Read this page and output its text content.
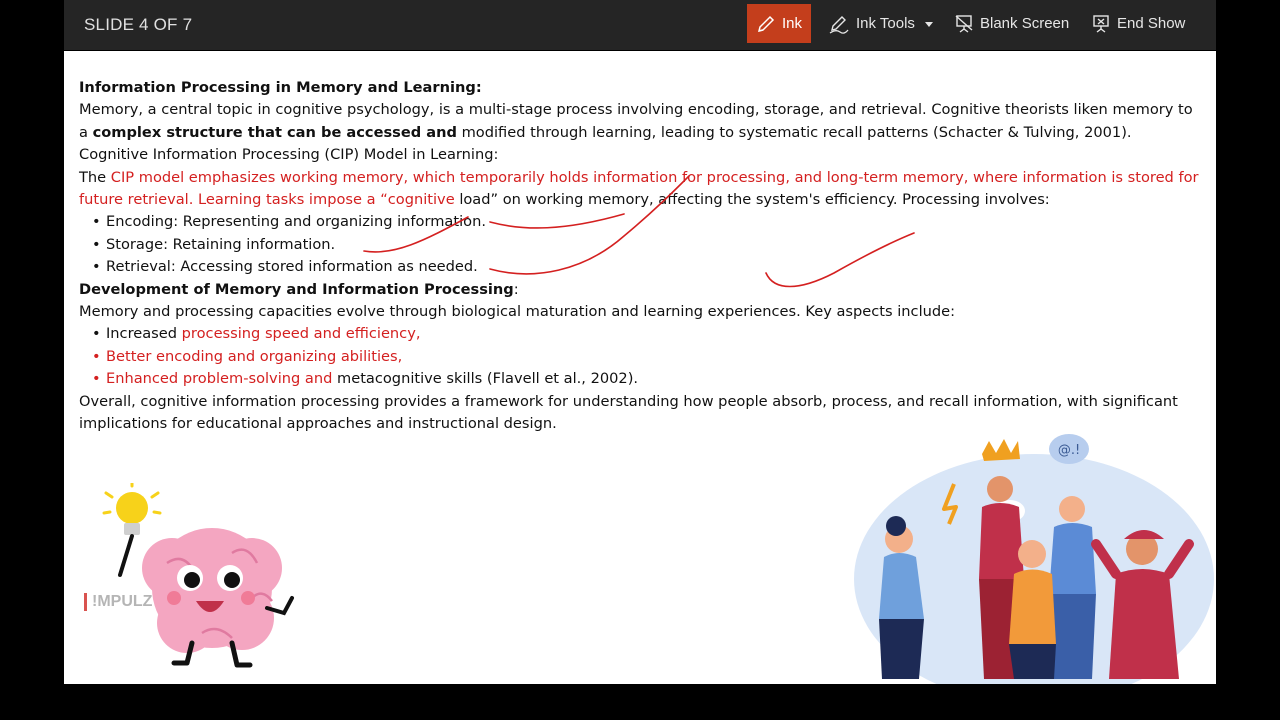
SLIDE 4 OF 7	Ink	Ink Tools	Blank Screen	End Show

Information Processing in Memory and Learning:

Memory, a central topic in cognitive psychology, is a multi-stage process involving encoding, storage, and retrieval. Cognitive theorists liken memory to a complex structure that can be accessed and modified through learning, leading to systematic recall patterns (Schacter & Tulving, 2001).

Cognitive Information Processing (CIP) Model in Learning:

The CIP model emphasizes working memory, which temporarily holds information for processing, and long-term memory, where information is stored for future retrieval. Learning tasks impose a “cognitive load” on working memory, affecting the system's efficiency. Processing involves:

• Encoding: Representing and organizing information.
• Storage: Retaining information.
• Retrieval: Accessing stored information as needed.

Development of Memory and Information Processing:

Memory and processing capacities evolve through biological maturation and learning experiences. Key aspects include:

• Increased processing speed and efficiency,
• Better encoding and organizing abilities,
• Enhanced problem-solving and metacognitive skills (Flavell et al., 2002).

Overall, cognitive information processing provides a framework for understanding how people absorb, process, and recall information, with significant implications for educational approaches and instructional design.

!MPULZ
@.!
